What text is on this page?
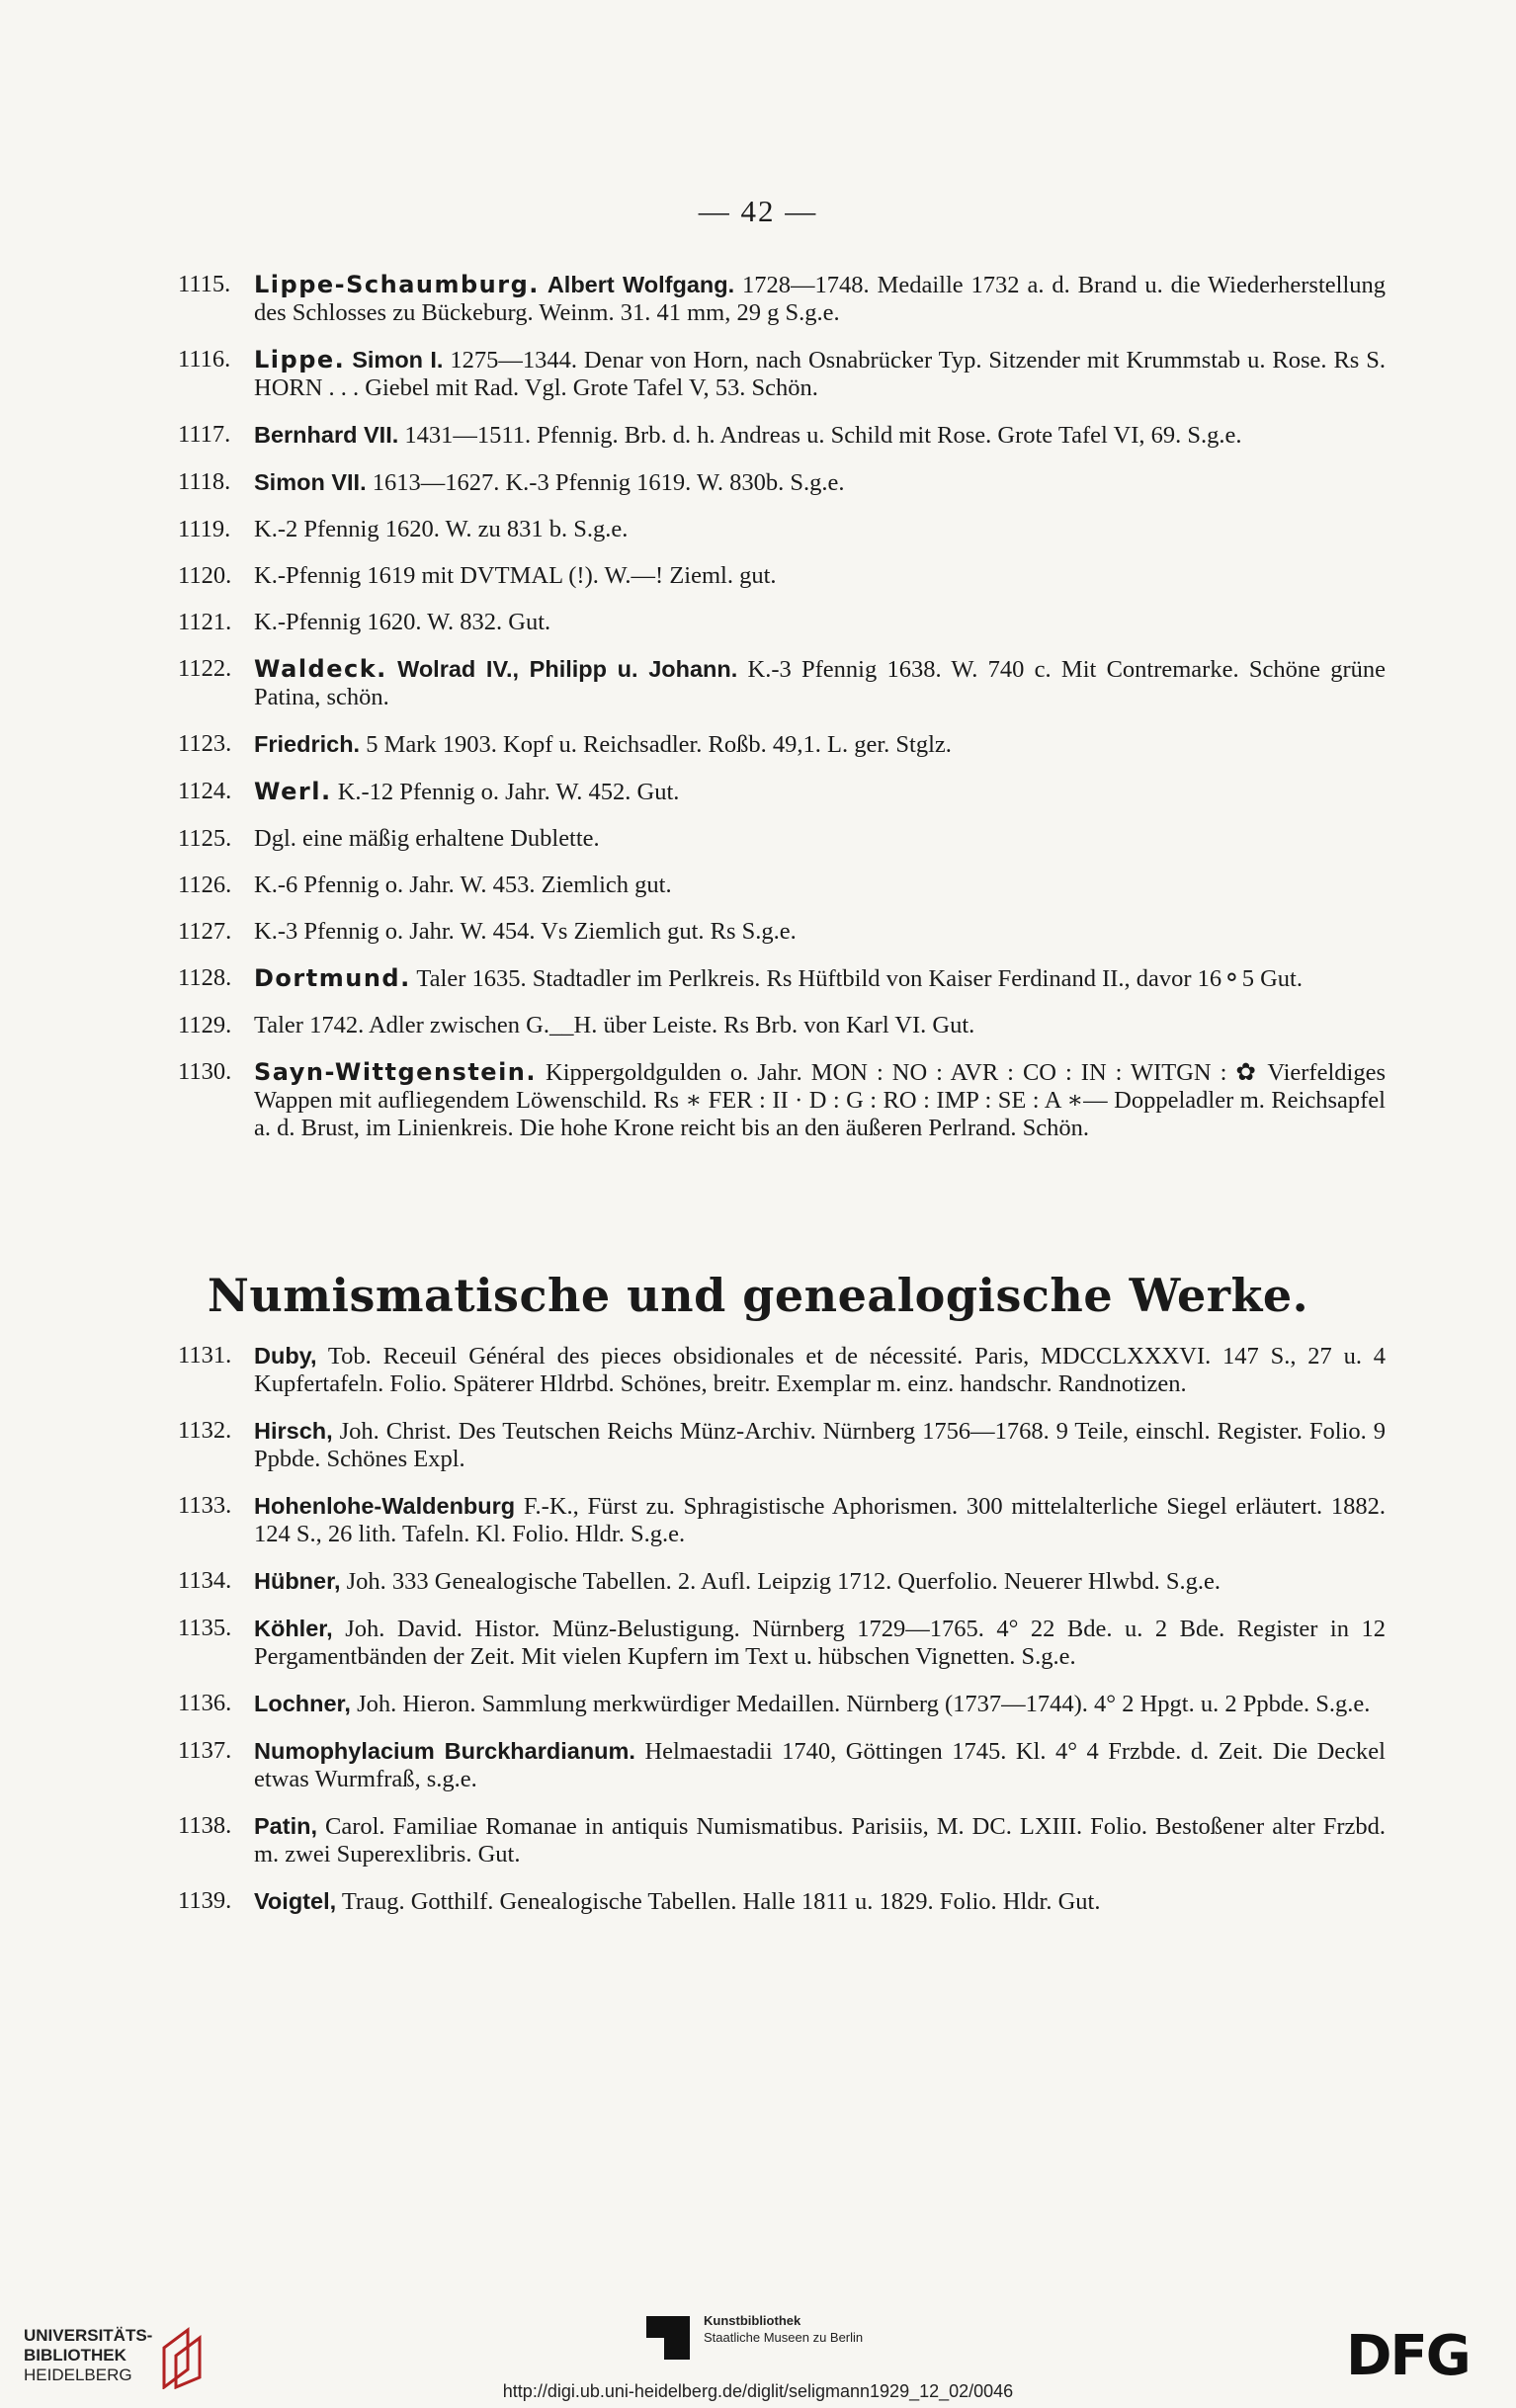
— 42 —
1115. Lippe-Schaumburg. Albert Wolfgang. 1728—1748. Medaille 1732 a. d. Brand u. die Wiederherstellung des Schlosses zu Bückeburg. Weinm. 31. 41 mm, 29 g S.g.e.
1116. Lippe. Simon I. 1275—1344. Denar von Horn, nach Osnabrücker Typ. Sitzender mit Krummstab u. Rose. Rs S. HORN . . . Giebel mit Rad. Vgl. Grote Tafel V, 53. Schön.
1117. Bernhard VII. 1431—1511. Pfennig. Brb. d. h. Andreas u. Schild mit Rose. Grote Tafel VI, 69. S.g.e.
1118. Simon VII. 1613—1627. K.-3 Pfennig 1619. W. 830b. S.g.e.
1119. K.-2 Pfennig 1620. W. zu 831 b. S.g.e.
1120. K.-Pfennig 1619 mit DVTMAL (!). W.—! Zieml. gut.
1121. K.-Pfennig 1620. W. 832. Gut.
1122. Waldeck. Wolrad IV., Philipp u. Johann. K.-3 Pfennig 1638. W. 740 c. Mit Contremarke. Schöne grüne Patina, schön.
1123. Friedrich. 5 Mark 1903. Kopf u. Reichsadler. Roßb. 49,1. L. ger. Stglz.
1124. Werl. K.-12 Pfennig o. Jahr. W. 452. Gut.
1125. Dgl. eine mäßig erhaltene Dublette.
1126. K.-6 Pfennig o. Jahr. W. 453. Ziemlich gut.
1127. K.-3 Pfennig o. Jahr. W. 454. Vs Ziemlich gut. Rs S.g.e.
1128. Dortmund. Taler 1635. Stadtadler im Perlkreis. Rs Hüftbild von Kaiser Ferdinand II., davor 16⚬5 Gut.
1129. Taler 1742. Adler zwischen G.__H. über Leiste. Rs Brb. von Karl VI. Gut.
1130. Sayn-Wittgenstein. Kippergoldgulden o. Jahr. MON : NO : AVR : CO : IN : WITGN : ✿ Vierfeldiges Wappen mit aufliegendem Löwenschild. Rs ∗ FER : II · D : G : RO : IMP : SE : A ∗— Doppeladler m. Reichsapfel a. d. Brust, im Linienkreis. Die hohe Krone reicht bis an den äußeren Perlrand. Schön.
Numismatische und genealogische Werke.
1131. Duby, Tob. Receuil Général des pieces obsidionales et de nécessité. Paris, MDCCLXXXVI. 147 S., 27 u. 4 Kupfertafeln. Folio. Späterer Hldrbd. Schönes, breitr. Exemplar m. einz. handschr. Randnotizen.
1132. Hirsch, Joh. Christ. Des Teutschen Reichs Münz-Archiv. Nürnberg 1756—1768. 9 Teile, einschl. Register. Folio. 9 Ppbde. Schönes Expl.
1133. Hohenlohe-Waldenburg F.-K., Fürst zu. Sphragistische Aphorismen. 300 mittelalterliche Siegel erläutert. 1882. 124 S., 26 lith. Tafeln. Kl. Folio. Hldr. S.g.e.
1134. Hübner, Joh. 333 Genealogische Tabellen. 2. Aufl. Leipzig 1712. Querfolio. Neuerer Hlwbd. S.g.e.
1135. Köhler, Joh. David. Histor. Münz-Belustigung. Nürnberg 1729—1765. 4° 22 Bde. u. 2 Bde. Register in 12 Pergamentbänden der Zeit. Mit vielen Kupfern im Text u. hübschen Vignetten. S.g.e.
1136. Lochner, Joh. Hieron. Sammlung merkwürdiger Medaillen. Nürnberg (1737—1744). 4° 2 Hpgt. u. 2 Ppbde. S.g.e.
1137. Numophylacium Burckhardianum. Helmaestadii 1740, Göttingen 1745. Kl. 4° 4 Frzbde. d. Zeit. Die Deckel etwas Wurmfraß, s.g.e.
1138. Patin, Carol. Familiae Romanae in antiquis Numismatibus. Parisiis, M. DC. LXIII. Folio. Bestoßener alter Frzbd. m. zwei Superexlibris. Gut.
1139. Voigtel, Traug. Gotthilf. Genealogische Tabellen. Halle 1811 u. 1829. Folio. Hldr. Gut.
UNIVERSITÄTS-
BIBLIOTHEK
HEIDELBERG
Kunstbibliothek
Staatliche Museen zu Berlin	DFG
http://digi.ub.uni-heidelberg.de/diglit/seligmann1929_12_02/0046
